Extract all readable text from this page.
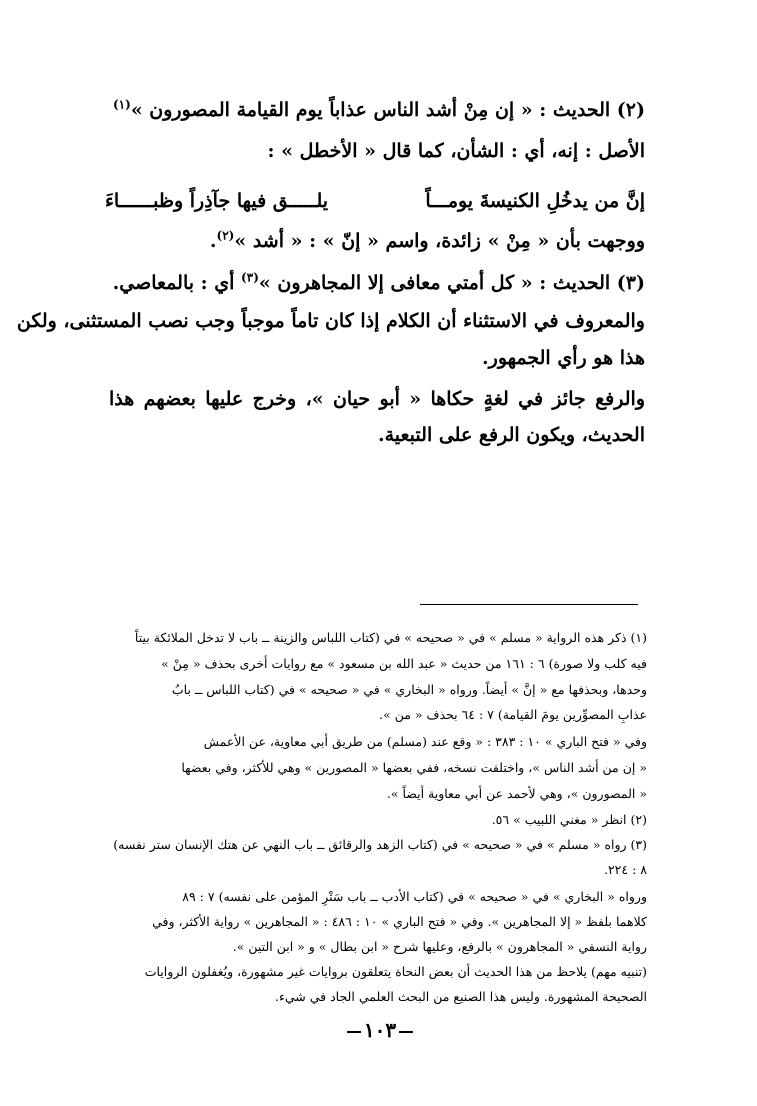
(٢) الحديث : « إن مِنْ أشد الناس عذاباً يوم القيامة المصورون »$^{(١)}$
الأصل : إنه، أي : الشأن، كما قال « الأخطل » :
إنَّ من يدخُلِ الكنيسةَ يومـــاً
يلـــــق فيها جآذِراً وظبــــــاءَ
ووجهت بأن « مِنْ » زائدة، واسم « إنّ » : « أشد »$^{(٢)}$.
(٣) الحديث : « كل أمتي معافى إلا المجاهرون »$^{(٣)}$ أي : بالمعاصي.
والمعروف في الاستثناء أن الكلام إذا كان تاماً موجباً وجب نصب المستثنى، ولكن
هذا هو رأي الجمهور.
والرفع جائز في لغةٍ حكاها « أبو حيان »، وخرج عليها بعضهم هذا
الحديث، ويكون الرفع على التبعية.
(١) ذكر هذه الرواية « مسلم » في « صحيحه » في (كتاب اللباس والزينة ــ باب لا تدخل الملائكة بيتاً
فيه كلب ولا صورة) ٦ : ١٦١ من حديث « عبد الله بن مسعود » مع روايات أخرى بحذف « مِنْ »
وحدها، وبحذفها مع « إنَّ » أيضاً. ورواه « البخاري » في « صحيحه » في (كتاب اللباس ــ بابُ
عذابِ المصوِّرين يومَ القيامة) ٧ : ٦٤ بحذف « من ».
وفي « فتح الباري » ١٠ : ٣٨٣ : « وقع عند (مسلم) من طريق أبي معاوية، عن الأعمش
« إن من أشد الناس »، واختلفت نسخه، ففي بعضها « المصورين » وهي للأكثر، وفي بعضها
« المصورون »، وهي لأحمد عن أبي معاوية أيضاً ».
(٢) انظر « مغني اللبيب » ٥٦.
(٣) رواه « مسلم » في « صحيحه » في (كتاب الزهد والرقائق ــ باب النهي عن هتك الإنسان ستر نفسه)
٨ : ٢٢٤.
ورواه « البخاري » في « صحيحه » في (كتاب الأدب ــ باب سَتْرِ المؤمن على نفسه) ٧ : ٨٩
كلاهما بلفظ « إلا المجاهرين ». وفي « فتح الباري » ١٠ : ٤٨٦ : « المجاهرين » رواية الأكثر، وفي
رواية النسفي « المجاهرون » بالرفع، وعليها شرح « ابن بطال » و « ابن التين ».
(تنبيه مهم) يلاحظ من هذا الحديث أن بعض النحاة يتعلقون بروايات غير مشهورة، ويُغفلون الروايات
الصحيحة المشهورة. وليس هذا الصنيع من البحث العلمي الجاد في شيء.
١٠٣
